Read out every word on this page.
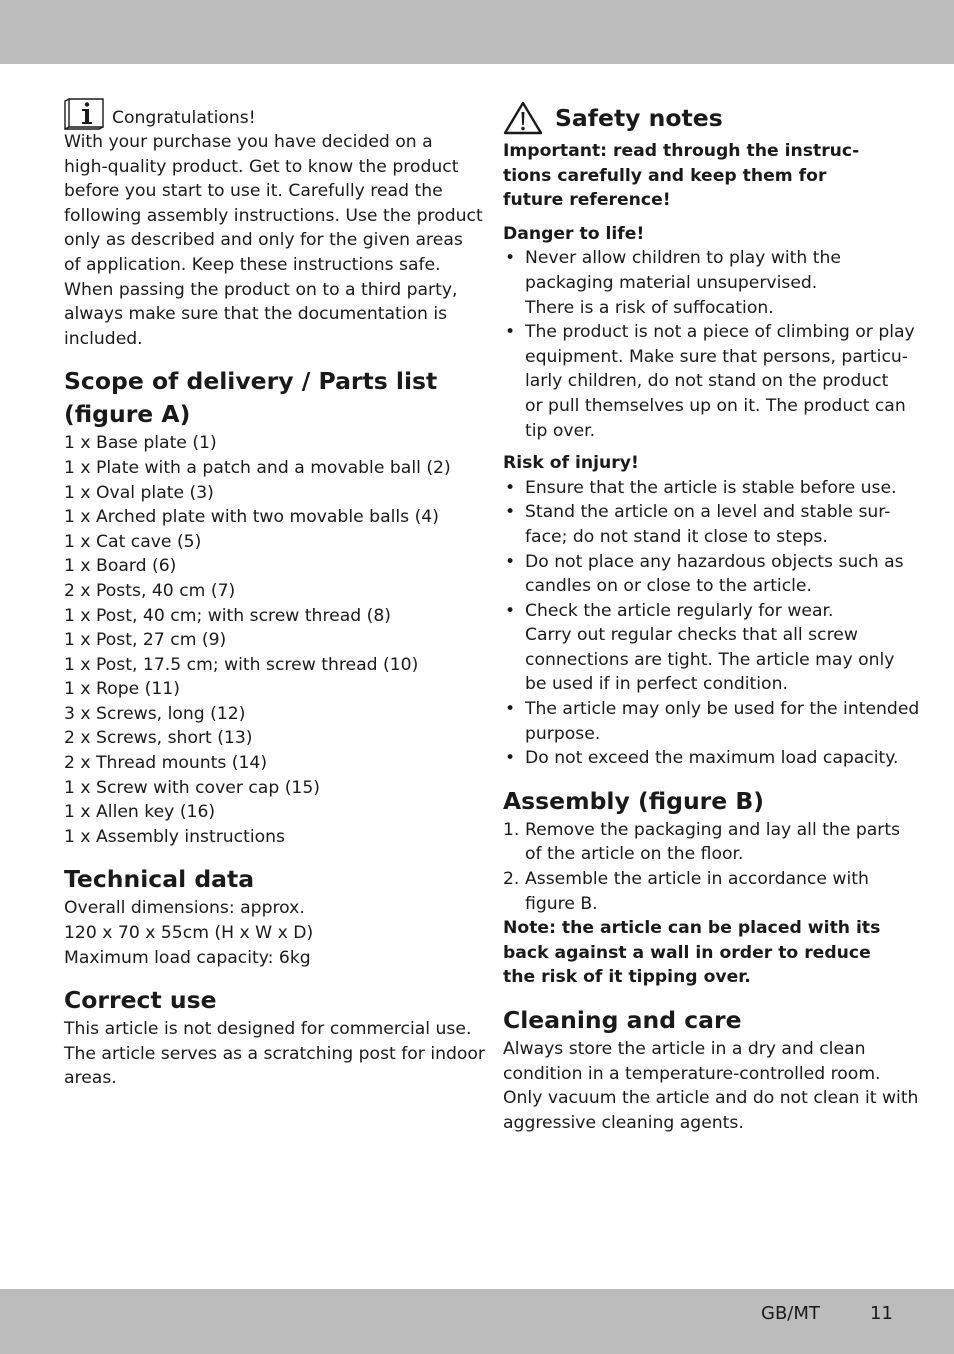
Congratulations!

With your purchase you have decided on a

high-quality product. Get to know the product

before you start to use it. Carefully read the

following assembly instructions. Use the product

only as described and only for the given areas

of application. Keep these instructions safe.

When passing the product on to a third party,

always make sure that the documentation is

included.

Scope of delivery / Parts list
(figure A)

1 x Base plate (1)

1 x Plate with a patch and a movable ball (2)

1 x Oval plate (3)

1 x Arched plate with two movable balls (4)

1 x Cat cave (5)

1 x Board (6)

2 x Posts, 40 cm (7)

1 x Post, 40 cm; with screw thread (8)

1 x Post, 27 cm (9)

1 x Post, 17.5 cm; with screw thread (10)

1 x Rope (11)

3 x Screws, long (12)

2 x Screws, short (13)

2 x Thread mounts (14)

1 x Screw with cover cap (15)

1 x Allen key (16)

1 x Assembly instructions

Technical data

Overall dimensions: approx.

120 x 70 x 55cm (H x W x D)

Maximum load capacity: 6kg

Correct use

This article is not designed for commercial use.

The article serves as a scratching post for indoor

areas.

Safety notes

Important: read through the instruc-

tions carefully and keep them for

future reference!

Danger to life!

• Never allow children to play with the
packaging material unsupervised.
There is a risk of suffocation.
• The product is not a piece of climbing or play
equipment. Make sure that persons, particu-
larly children, do not stand on the product
or pull themselves up on it. The product can
tip over.

Risk of injury!

• Ensure that the article is stable before use.
• Stand the article on a level and stable sur-
face; do not stand it close to steps.
• Do not place any hazardous objects such as
candles on or close to the article.
• Check the article regularly for wear.
Carry out regular checks that all screw
connections are tight. The article may only
be used if in perfect condition.
• The article may only be used for the intended
purpose.
• Do not exceed the maximum load capacity.
Assembly (figure B)
1. Remove the packaging and lay all the parts
of the article on the floor.
2. Assemble the article in accordance with
figure B.

Note: the article can be placed with its

back against a wall in order to reduce

the risk of it tipping over.

Cleaning and care

Always store the article in a dry and clean

condition in a temperature-controlled room.

Only vacuum the article and do not clean it with

aggressive cleaning agents.

GB/MT	11
